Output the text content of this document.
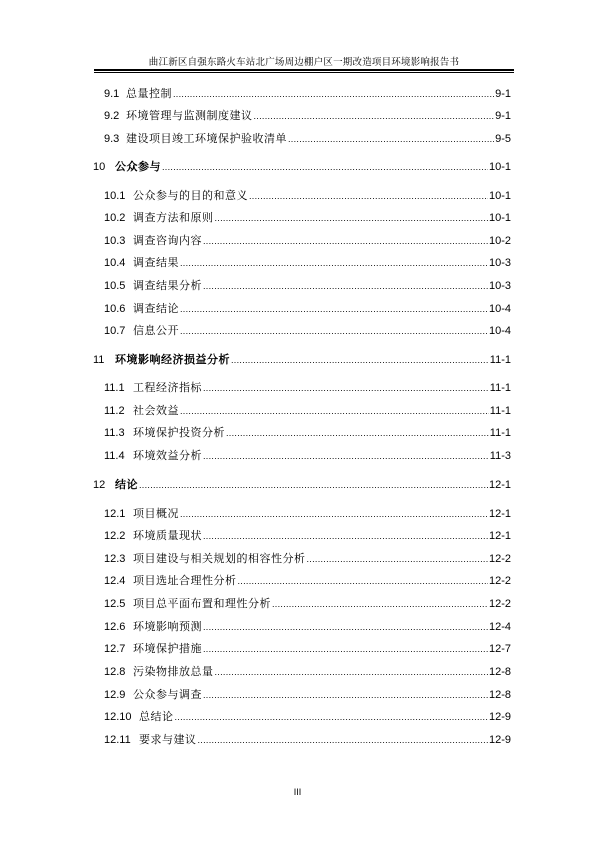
曲江新区自强东路火车站北广场周边棚户区一期改造项目环境影响报告书
9.1 总量控制 .....	9-1
9.2 环境管理与监测制度建议 .....	9-1
9.3 建设项目竣工环境保护验收清单 .....	9-5
10 公众参与 .....	10-1
10.1 公众参与的目的和意义 .....	10-1
10.2 调查方法和原则 .....	10-1
10.3 调查咨询内容 .....	10-2
10.4 调查结果 .....	10-3
10.5 调查结果分析 .....	10-3
10.6 调查结论 .....	10-4
10.7 信息公开 .....	10-4
11 环境影响经济损益分析 .....	11-1
11.1 工程经济指标 .....	11-1
11.2 社会效益 .....	11-1
11.3 环境保护投资分析 .....	11-1
11.4 环境效益分析 .....	11-3
12 结论 .....	12-1
12.1 项目概况 .....	12-1
12.2 环境质量现状 .....	12-1
12.3 项目建设与相关规划的相容性分析 .....	12-2
12.4 项目选址合理性分析 .....	12-2
12.5 项目总平面布置和理性分析 .....	12-2
12.6 环境影响预测 .....	12-4
12.7 环境保护措施 .....	12-7
12.8 污染物排放总量 .....	12-8
12.9 公众参与调查 .....	12-8
12.10 总结论 .....	12-9
12.11 要求与建议 .....	12-9
III
